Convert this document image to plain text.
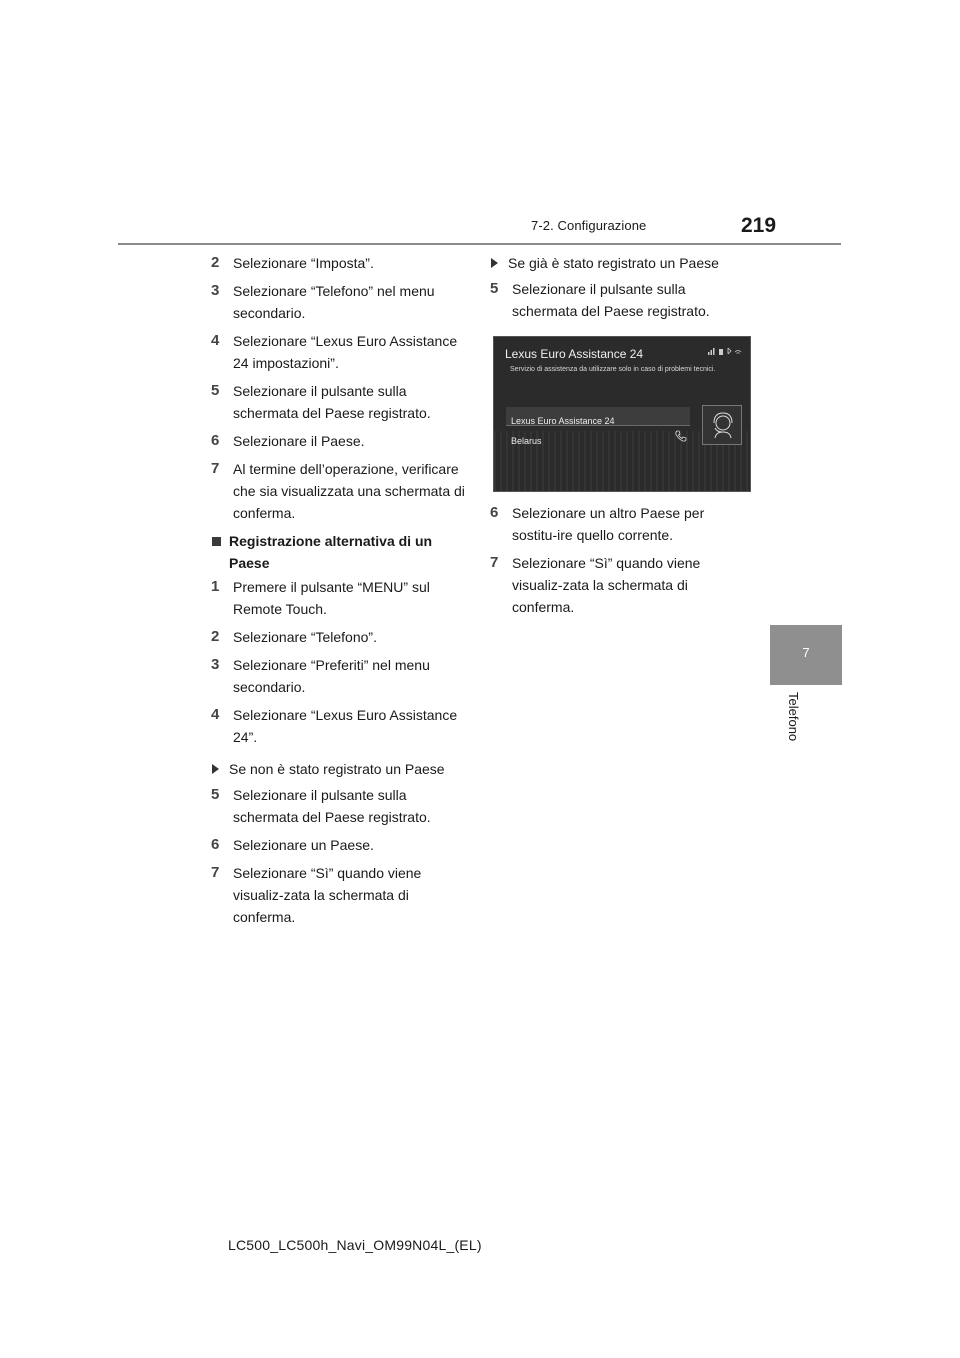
7-2. Configurazione	219
7
Telefono
2 Selezionare “Imposta”.
3 Selezionare “Telefono” nel menu secondario.
4 Selezionare “Lexus Euro Assistance 24 impostazioni”.
5 Selezionare il pulsante sulla schermata del Paese registrato.
6 Selezionare il Paese.
7 Al termine dell’operazione, verificare che sia visualizzata una schermata di conferma.
Registrazione alternativa di un Paese
1 Premere il pulsante “MENU” sul Remote Touch.
2 Selezionare “Telefono”.
3 Selezionare “Preferiti” nel menu secondario.
4 Selezionare “Lexus Euro Assistance 24”.
Se non è stato registrato un Paese
5 Selezionare il pulsante sulla schermata del Paese registrato.
6 Selezionare un Paese.
7 Selezionare “Sì” quando viene visualiz-zata la schermata di conferma.
Se già è stato registrato un Paese
5 Selezionare il pulsante sulla schermata del Paese registrato.
Lexus Euro Assistance 24
Servizio di assistenza da utilizzare solo in caso di problemi tecnici.
Lexus Euro Assistance 24
Belarus
6 Selezionare un altro Paese per sostitu-ire quello corrente.
7 Selezionare “Sì” quando viene visualiz-zata la schermata di conferma.
LC500_LC500h_Navi_OM99N04L_(EL)
